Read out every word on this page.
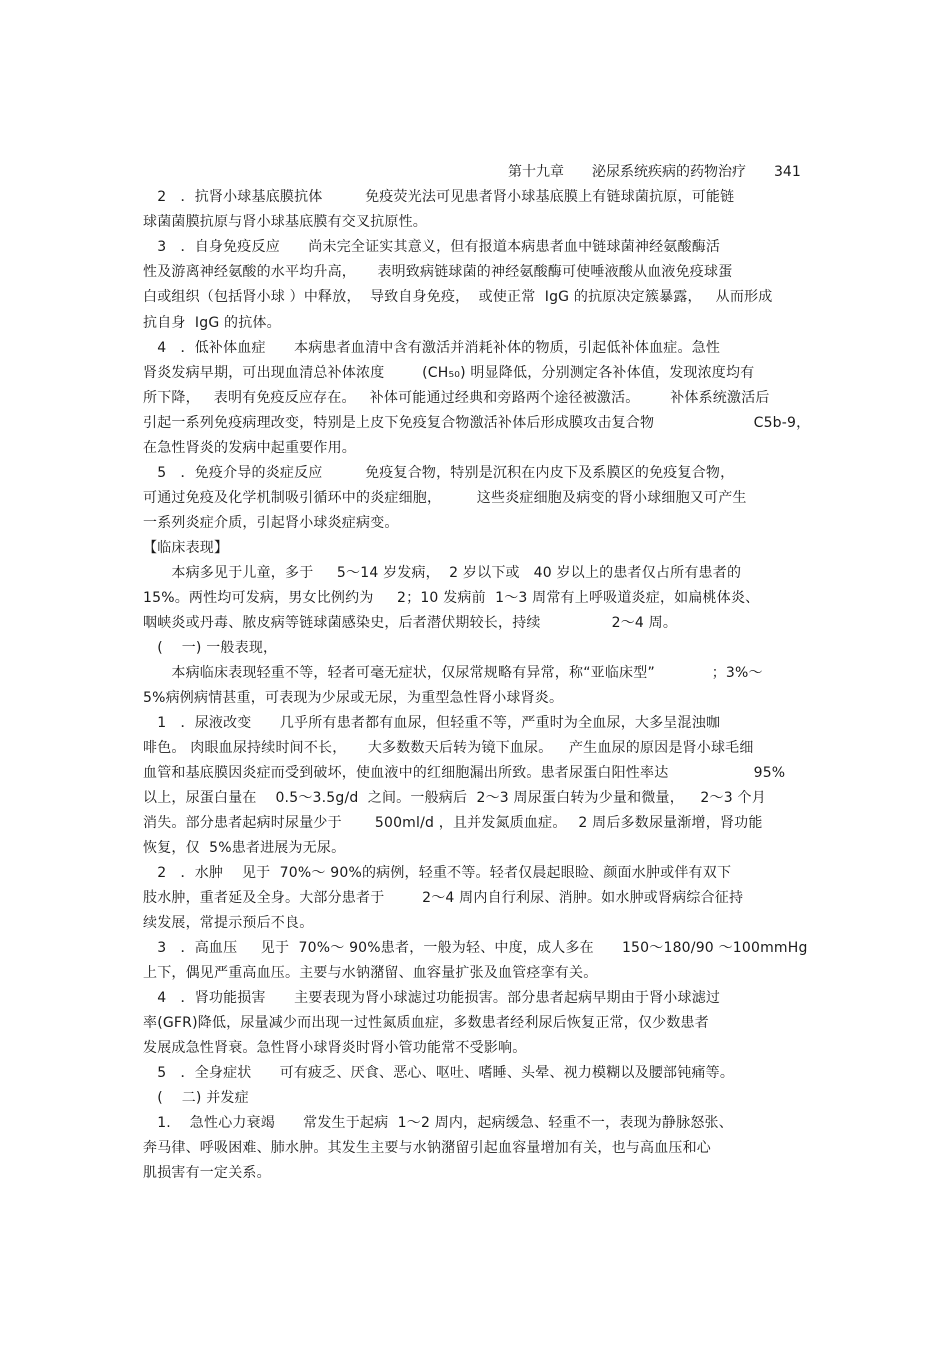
第十九章　　泌尿系统疾病的药物治疗　　341
　2　．抗肾小球基底膜抗体　　　免疫荧光法可见患者肾小球基底膜上有链球菌抗原，可能链
球菌菌膜抗原与肾小球基底膜有交叉抗原性。
　3　．自身免疫反应　　尚未完全证实其意义，但有报道本病患者血中链球菌神经氨酸酶活
性及游离神经氨酸的水平均升高，　　表明致病链球菌的神经氨酸酶可使唾液酸从血液免疫球蛋
白或组织（包括肾小球 ）中释放，  导致自身免疫，  或使正常  IgG 的抗原决定簇暴露，   从而形成
抗自身  IgG 的抗体。
　4　．低补体血症　　本病患者血清中含有激活并消耗补体的物质，引起低补体血症。急性
肾炎发病早期，可出现血清总补体浓度　　  (CH₅₀) 明显降低，分别测定各补体值，发现浓度均有
所下降，   表明有免疫反应存在。   补体可能通过经典和旁路两个途径被激活。　　  补体系统激活后
引起一系列免疫病理改变，特别是上皮下免疫复合物激活补体后形成膜攻击复合物　　　　　　　C5b-9，
在急性肾炎的发病中起重要作用。
　5　．免疫介导的炎症反应　　　免疫复合物，特别是沉积在内皮下及系膜区的免疫复合物，
可通过免疫及化学机制吸引循环中的炎症细胞，　　　这些炎症细胞及病变的肾小球细胞又可产生
一系列炎症介质，引起肾小球炎症病变。
【临床表现】
　　本病多见于儿童，多于　  5～14 岁发病，  2 岁以下或   40 岁以上的患者仅占所有患者的
15%。两性均可发病，男女比例约为　  2；10 发病前  1～3 周常有上呼吸道炎症，如扁桃体炎、
咽峡炎或丹毒、脓皮病等链球菌感染史，后者潜伏期较长，持续　　　　　2～4 周。
　(　 一) 一般表现，
　　本病临床表现轻重不等，轻者可毫无症状，仅尿常规略有异常，称“亚临床型”　　　　；3%～
5%病例病情甚重，可表现为少尿或无尿，为重型急性肾小球肾炎。
　1　．尿液改变　　几乎所有患者都有血尿，但轻重不等，严重时为全血尿，大多呈混浊咖
啡色。 肉眼血尿持续时间不长，　　大多数数天后转为镜下血尿。　  产生血尿的原因是肾小球毛细
血管和基底膜因炎症而受到破坏，使血液中的红细胞漏出所致。患者尿蛋白阳性率达　　　　　　95%
以上，尿蛋白量在　 0.5～3.5g/d  之间。一般病后  2～3 周尿蛋白转为少量和微量，　  2～3 个月
消失。部分患者起病时尿量少于　　 500ml/d ，且并发氮质血症。　 2 周后多数尿量渐增，肾功能
恢复，仅  5%患者进展为无尿。
　2　．水肿　 见于  70%～ 90%的病例，轻重不等。轻者仅晨起眼睑、颜面水肿或伴有双下
肢水肿，重者延及全身。大部分患者于　　  2～4 周内自行利尿、消肿。如水肿或肾病综合征持
续发展，常提示预后不良。
　3　．高血压　  见于  70%～ 90%患者，一般为轻、中度，成人多在　   150～180/90 ～100mmHg
上下，偶见严重高血压。主要与水钠潴留、血容量扩张及血管痉挛有关。
　4　．肾功能损害　　主要表现为肾小球滤过功能损害。部分患者起病早期由于肾小球滤过
率(GFR)降低，尿量减少而出现一过性氮质血症，多数患者经利尿后恢复正常，仅少数患者
发展成急性肾衰。急性肾小球肾炎时肾小管功能常不受影响。
　5　．全身症状　   可有疲乏、厌食、恶心、呕吐、嗜睡、头晕、视力模糊以及腰部钝痛等。
　(　 二) 并发症
　1.　 急性心力衰竭　   常发生于起病  1～2 周内，起病缓急、轻重不一，表现为静脉怒张、
奔马律、呼吸困难、肺水肿。其发生主要与水钠潴留引起血容量增加有关，也与高血压和心
肌损害有一定关系。
